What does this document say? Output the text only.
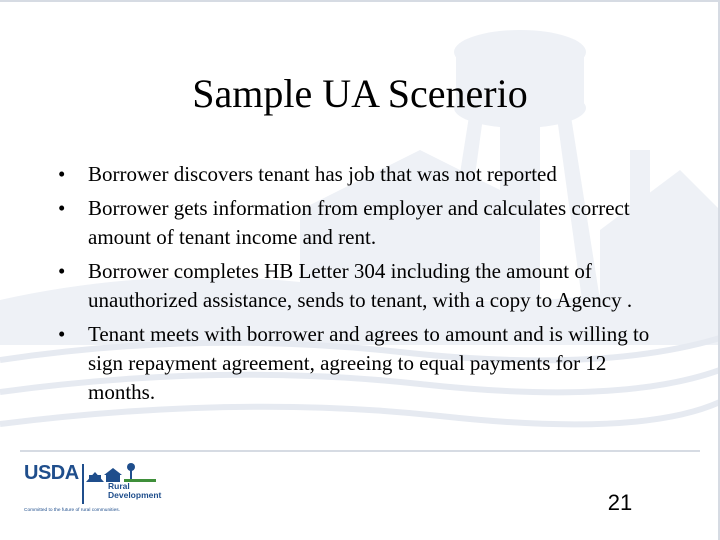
Sample UA Scenerio
• Borrower discovers tenant has job that was not reported
• Borrower gets information from employer and calculates correct amount of tenant income and rent.
• Borrower completes HB Letter 304 including the amount of unauthorized assistance, sends to tenant, with a copy to Agency .
• Tenant meets with borrower and agrees to amount and is willing to sign repayment agreement, agreeing to equal payments for 12 months.
USDA
Rural
Development
Committed to the future of rural communities.	21
